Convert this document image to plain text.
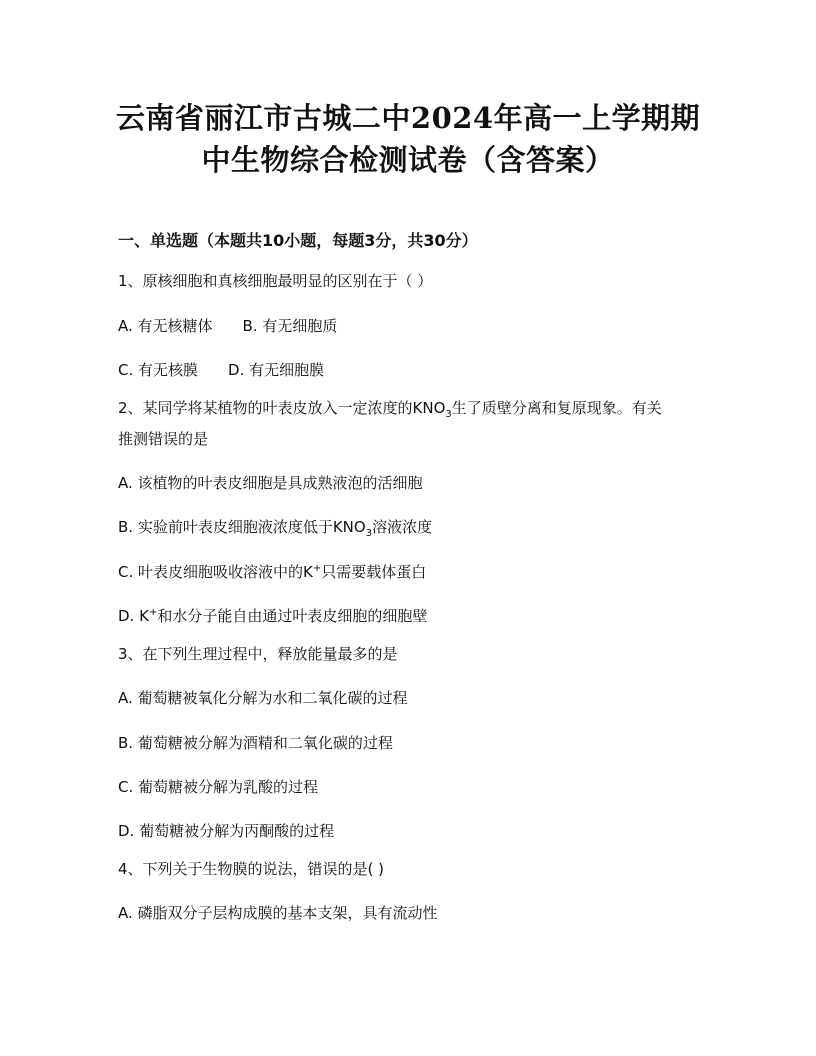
云南省丽江市古城二中2024年高一上学期期
中生物综合检测试卷（含答案）
一、单选题（本题共10小题，每题3分，共30分）
1、原核细胞和真核细胞最明显的区别在于（ ）
A. 有无核糖体 B. 有无细胞质
C. 有无核膜 D. 有无细胞膜
2、某同学将某植物的叶表皮放入一定浓度的$KNO_3$生了质壁分离和复原现象。有关
推测错误的是
A. 该植物的叶表皮细胞是具成熟液泡的活细胞
B. 实验前叶表皮细胞液浓度低于$KNO_3$溶液浓度
C. 叶表皮细胞吸收溶液中的K+只需要载体蛋白
D. K+和水分子能自由通过叶表皮细胞的细胞壁
3、在下列生理过程中，释放能量最多的是
A. 葡萄糖被氧化分解为水和二氧化碳的过程
B. 葡萄糖被分解为酒精和二氧化碳的过程
C. 葡萄糖被分解为乳酸的过程
D. 葡萄糖被分解为丙酮酸的过程
4、下列关于生物膜的说法，错误的是( )
A. 磷脂双分子层构成膜的基本支架，具有流动性
